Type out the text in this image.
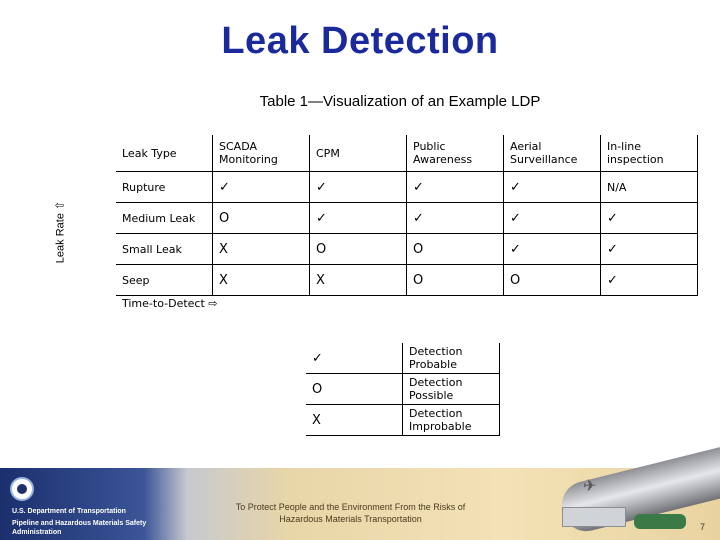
Leak Detection
Table 1—Visualization of an Example LDP
Leak Rate ⇧
Leak Type	SCADA Monitoring	CPM	Public Awareness	Aerial Surveillance	In-line inspection
Rupture	✓	✓	✓	✓	N/A
Medium Leak	O	✓	✓	✓	✓
Small Leak	X	O	O	✓	✓
Seep	X	X	O	O	✓
Time-to-Detect ⇨
✓	Detection Probable
O	Detection Possible
X	Detection Improbable
U.S. Department of Transportation
Pipeline and Hazardous Materials Safety Administration
To Protect People and the Environment From the Risks of Hazardous Materials Transportation
✈
7
